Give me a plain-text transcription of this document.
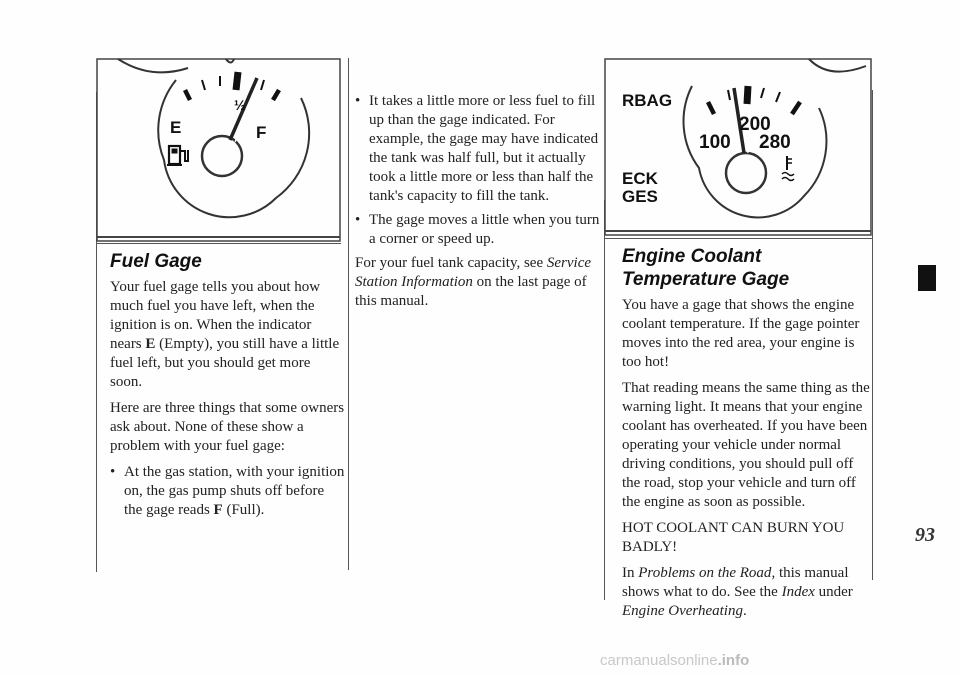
½
E	F
Fuel Gage

Your fuel gage tells you about how much fuel you have left, when the ignition is on. When the indicator nears E (Empty), you still have a little fuel left, but you should get more soon.

Here are three things that some owners ask about. None of these show a problem with your fuel gage:

• At the gas station, with your ignition on, the gas pump shuts off before the gage reads F (Full).
• It takes a little more or less fuel to fill up than the gage indicated. For example, the gage may have indicated the tank was half full, but it actually took a little more or less than half the tank's capacity to fill the tank.
• The gage moves a little when you turn a corner or speed up.

For your fuel tank capacity, see Service Station Information on the last page of this manual.

RBAG
ECK
GES
200
100 280
Engine Coolant Temperature Gage

You have a gage that shows the engine coolant temperature. If the gage pointer moves into the red area, your engine is too hot!

That reading means the same thing as the warning light. It means that your engine coolant has overheated. If you have been operating your vehicle under normal driving conditions, you should pull off the road, stop your vehicle and turn off the engine as soon as possible.

HOT COOLANT CAN BURN YOU BADLY!

In Problems on the Road, this manual shows what to do. See the Index under Engine Overheating.

93
carmanualsonline.info
